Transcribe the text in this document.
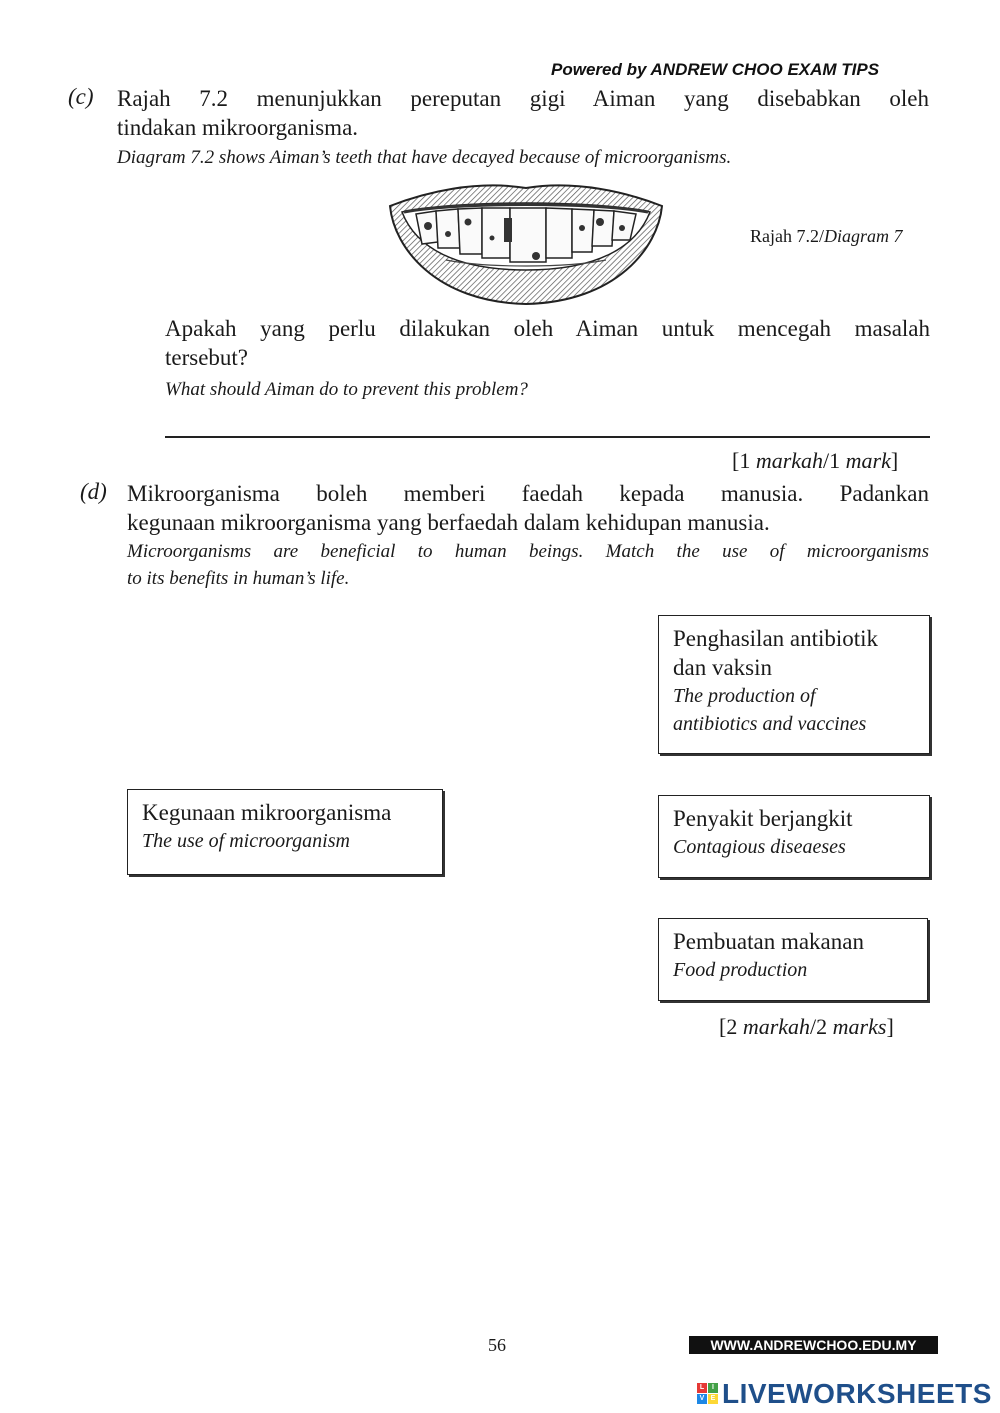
Powered by ANDREW CHOO EXAM TIPS
(c) Rajah 7.2 menunjukkan pereputan gigi Aiman yang disebabkan oleh
tindakan mikroorganisma.
Diagram 7.2 shows Aiman’s teeth that have decayed because of microorganisms.
Rajah 7.2/Diagram 7
Apakah yang perlu dilakukan oleh Aiman untuk mencegah masalah
tersebut?
What should Aiman do to prevent this problem?
[1 markah/1 mark]
(d) Mikroorganisma boleh memberi faedah kepada manusia. Padankan
kegunaan mikroorganisma yang berfaedah dalam kehidupan manusia.
Microorganisms are beneficial to human beings. Match the use of microorganisms
to its benefits in human’s life.
Kegunaan mikroorganisma
The use of microorganism
Penghasilan antibiotik
dan vaksin
The production of
antibiotics and vaccines
Penyakit berjangkit
Contagious diseaeses
Pembuatan makanan
Food production
[2 markah/2 marks]
56	WWW.ANDREWCHOO.EDU.MY
L	I
V E LIVEWORKSHEETS
